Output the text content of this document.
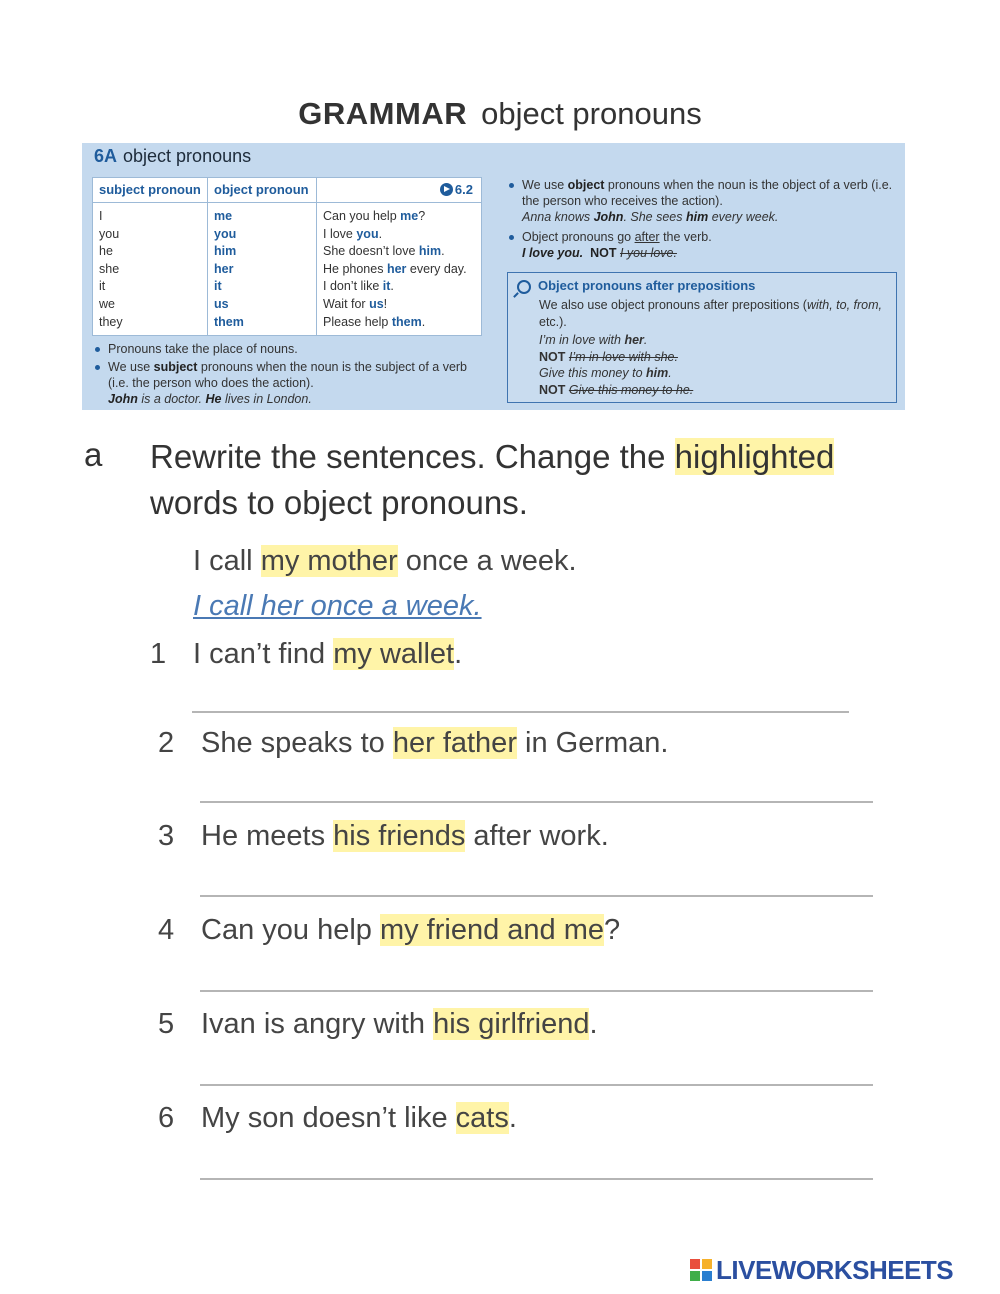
GRAMMAR object pronouns
6A object pronouns
subject pronoun
I
you
he
she
it
we
they
object pronoun
me
you
him
her
it
us
them
6.2
Can you help me?
I love you.
She doesn’t love him.
He phones her every day.
I don’t like it.
Wait for us!
Please help them.
Pronouns take the place of nouns.
We use subject pronouns when the noun is the subject of a verb (i.e. the person who does the action).
John is a doctor. He lives in London.
We use object pronouns when the noun is the object of a verb (i.e. the person who receives the action).
Anna knows John. She sees him every week.
Object pronouns go after the verb.
I love you. NOT I you love.
Object pronouns after prepositions
We also use object pronouns after prepositions (with, to, from, etc.).
I’m in love with her.
NOT I’m in love with she.
Give this money to him.
NOT Give this money to he.
a Rewrite the sentences. Change the highlighted words to object pronouns.
I call my mother once a week.
I call her once a week.
1 I can’t find my wallet.
2 She speaks to her father in German.
3 He meets his friends after work.
4 Can you help my friend and me?
5 Ivan is angry with his girlfriend.
6 My son doesn’t like cats.
LIVEWORKSHEETS
